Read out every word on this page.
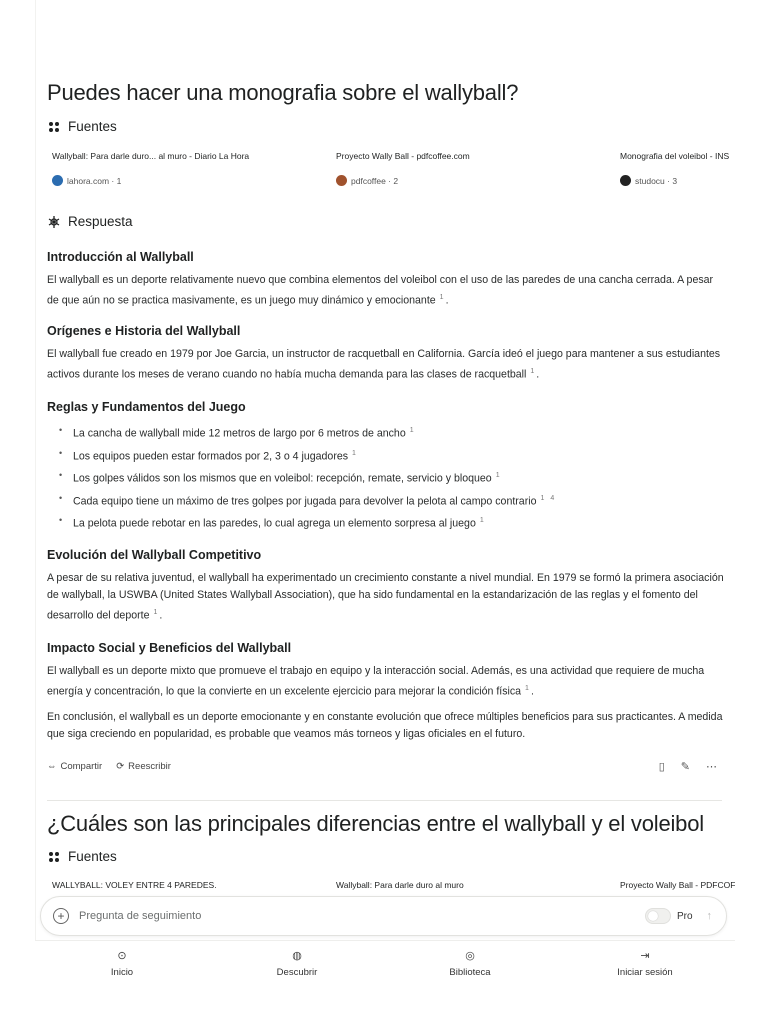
Puedes hacer una monografia sobre el wallyball?
Fuentes
Wallyball: Para darle duro... al muro - Diario La Hora
lahora.com · 1
Proyecto Wally Ball - pdfcoffee.com
pdfcoffee · 2
Monografia del voleibol - INS
studocu · 3
Respuesta
Introducción al Wallyball

El wallyball es un deporte relativamente nuevo que combina elementos del voleibol con el uso de las paredes de una cancha cerrada. A pesar de que aún no se practica masivamente, es un juego muy dinámico y emocionante $^1$ .

Orígenes e Historia del Wallyball

El wallyball fue creado en 1979 por Joe Garcia, un instructor de racquetball en California. García ideó el juego para mantener a sus estudiantes activos durante los meses de verano cuando no había mucha demanda para las clases de racquetball $^1$ .

Reglas y Fundamentos del Juego
• La cancha de wallyball mide 12 metros de largo por 6 metros de ancho $^1$
• Los equipos pueden estar formados por 2, 3 o 4 jugadores $^1$
• Los golpes válidos son los mismos que en voleibol: recepción, remate, servicio y bloqueo $^1$
• Cada equipo tiene un máximo de tres golpes por jugada para devolver la pelota al campo contrario $^1$ $^4$
• La pelota puede rebotar en las paredes, lo cual agrega un elemento sorpresa al juego $^1$
Evolución del Wallyball Competitivo

A pesar de su relativa juventud, el wallyball ha experimentado un crecimiento constante a nivel mundial. En 1979 se formó la primera asociación de wallyball, la USWBA (United States Wallyball Association), que ha sido fundamental en la estandarización de las reglas y el fomento del desarrollo del deporte $^1$ .

Impacto Social y Beneficios del Wallyball

El wallyball es un deporte mixto que promueve el trabajo en equipo y la interacción social. Además, es una actividad que requiere de mucha energía y concentración, lo que la convierte en un excelente ejercicio para mejorar la condición física $^1$ .

En conclusión, el wallyball es un deporte emocionante y en constante evolución que ofrece múltiples beneficios para sus practicantes. A medida que siga creciendo en popularidad, es probable que veamos más torneos y ligas oficiales en el futuro.

⇔ Compartir ⟳ Reescribir	▯ ✎ ⋯
¿Cuáles son las principales diferencias entre el wallyball y el voleibol
Fuentes
WALLYBALL: VOLEY ENTRE 4 PAREDES.	Wallyball: Para darle duro al muro	Proyecto Wally Ball - PDFCOF
+	Pregunta de seguimiento	Pro ↑
⊙
Inicio
◍
Descubrir
◎
Biblioteca
⇥
Iniciar sesión
